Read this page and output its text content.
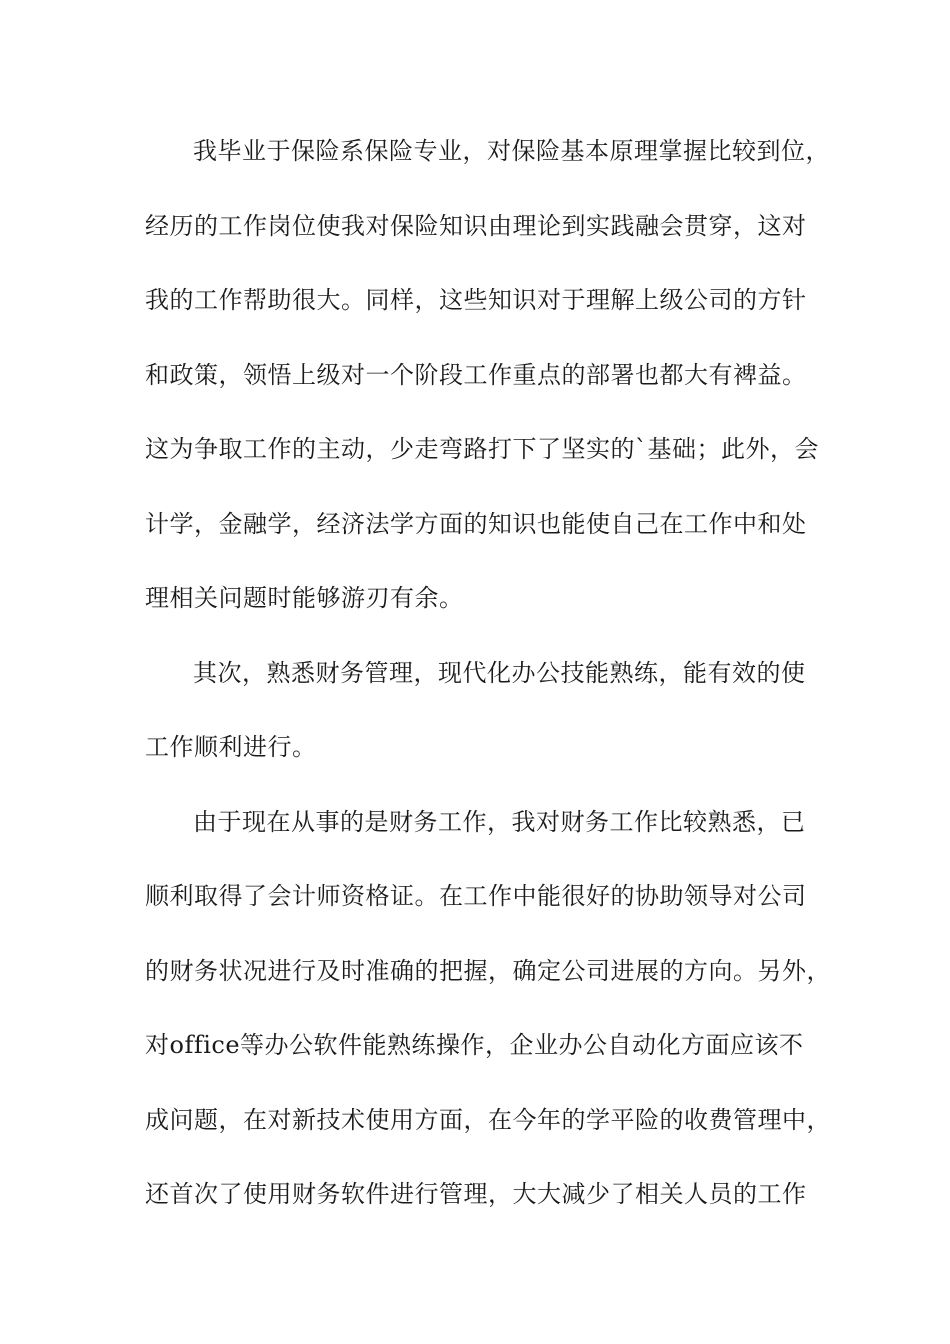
我毕业于保险系保险专业，对保险基本原理掌握比较到位，
经历的工作岗位使我对保险知识由理论到实践融会贯穿，这对
我的工作帮助很大。同样，这些知识对于理解上级公司的方针
和政策，领悟上级对一个阶段工作重点的部署也都大有裨益。
这为争取工作的主动，少走弯路打下了坚实的`基础；此外，会
计学，金融学，经济法学方面的知识也能使自己在工作中和处
理相关问题时能够游刃有余。
其次，熟悉财务管理，现代化办公技能熟练，能有效的使
工作顺利进行。
由于现在从事的是财务工作，我对财务工作比较熟悉，已
顺利取得了会计师资格证。在工作中能很好的协助领导对公司
的财务状况进行及时准确的把握，确定公司进展的方向。另外，
对office等办公软件能熟练操作，企业办公自动化方面应该不
成问题，在对新技术使用方面，在今年的学平险的收费管理中，
还首次了使用财务软件进行管理，大大减少了相关人员的工作
